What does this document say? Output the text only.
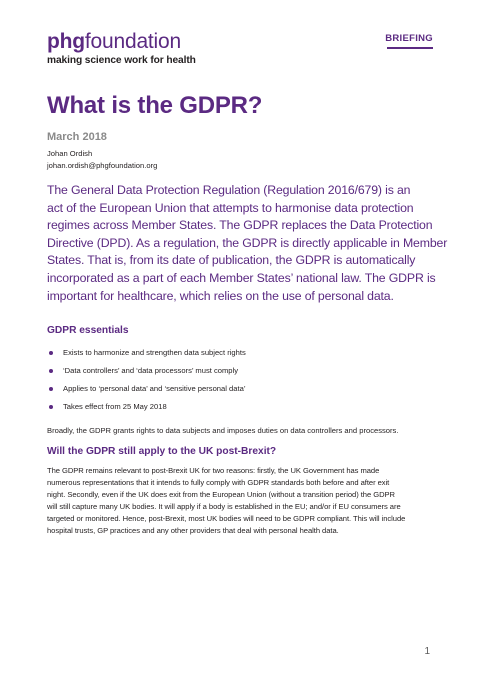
phgfoundation
making science work for health
BRIEFING
What is the GDPR?
March 2018
Johan Ordish
johan.ordish@phgfoundation.org
The General Data Protection Regulation (Regulation 2016/679) is an
act of the European Union that attempts to harmonise data protection
regimes across Member States. The GDPR replaces the Data Protection
Directive (DPD). As a regulation, the GDPR is directly applicable in Member
States. That is, from its date of publication, the GDPR is automatically
incorporated as a part of each Member States’ national law. The GDPR is
important for healthcare, which relies on the use of personal data.
GDPR essentials
Exists to harmonize and strengthen data subject rights
‘Data controllers’ and ‘data processors’ must comply
Applies to ‘personal data’ and ‘sensitive personal data’
Takes effect from 25 May 2018

Broadly, the GDPR grants rights to data subjects and imposes duties on data controllers and processors.

Will the GDPR still apply to the UK post-Brexit?
The GDPR remains relevant to post-Brexit UK for two reasons: firstly, the UK Government has made
numerous representations that it intends to fully comply with GDPR standards both before and after exit
night. Secondly, even if the UK does exit from the European Union (without a transition period) the GDPR
will still capture many UK bodies. It will apply if a body is established in the EU; and/or if EU consumers are
targeted or monitored. Hence, post-Brexit, most UK bodies will need to be GDPR compliant. This will include
hospital trusts, GP practices and any other providers that deal with personal health data.
1
